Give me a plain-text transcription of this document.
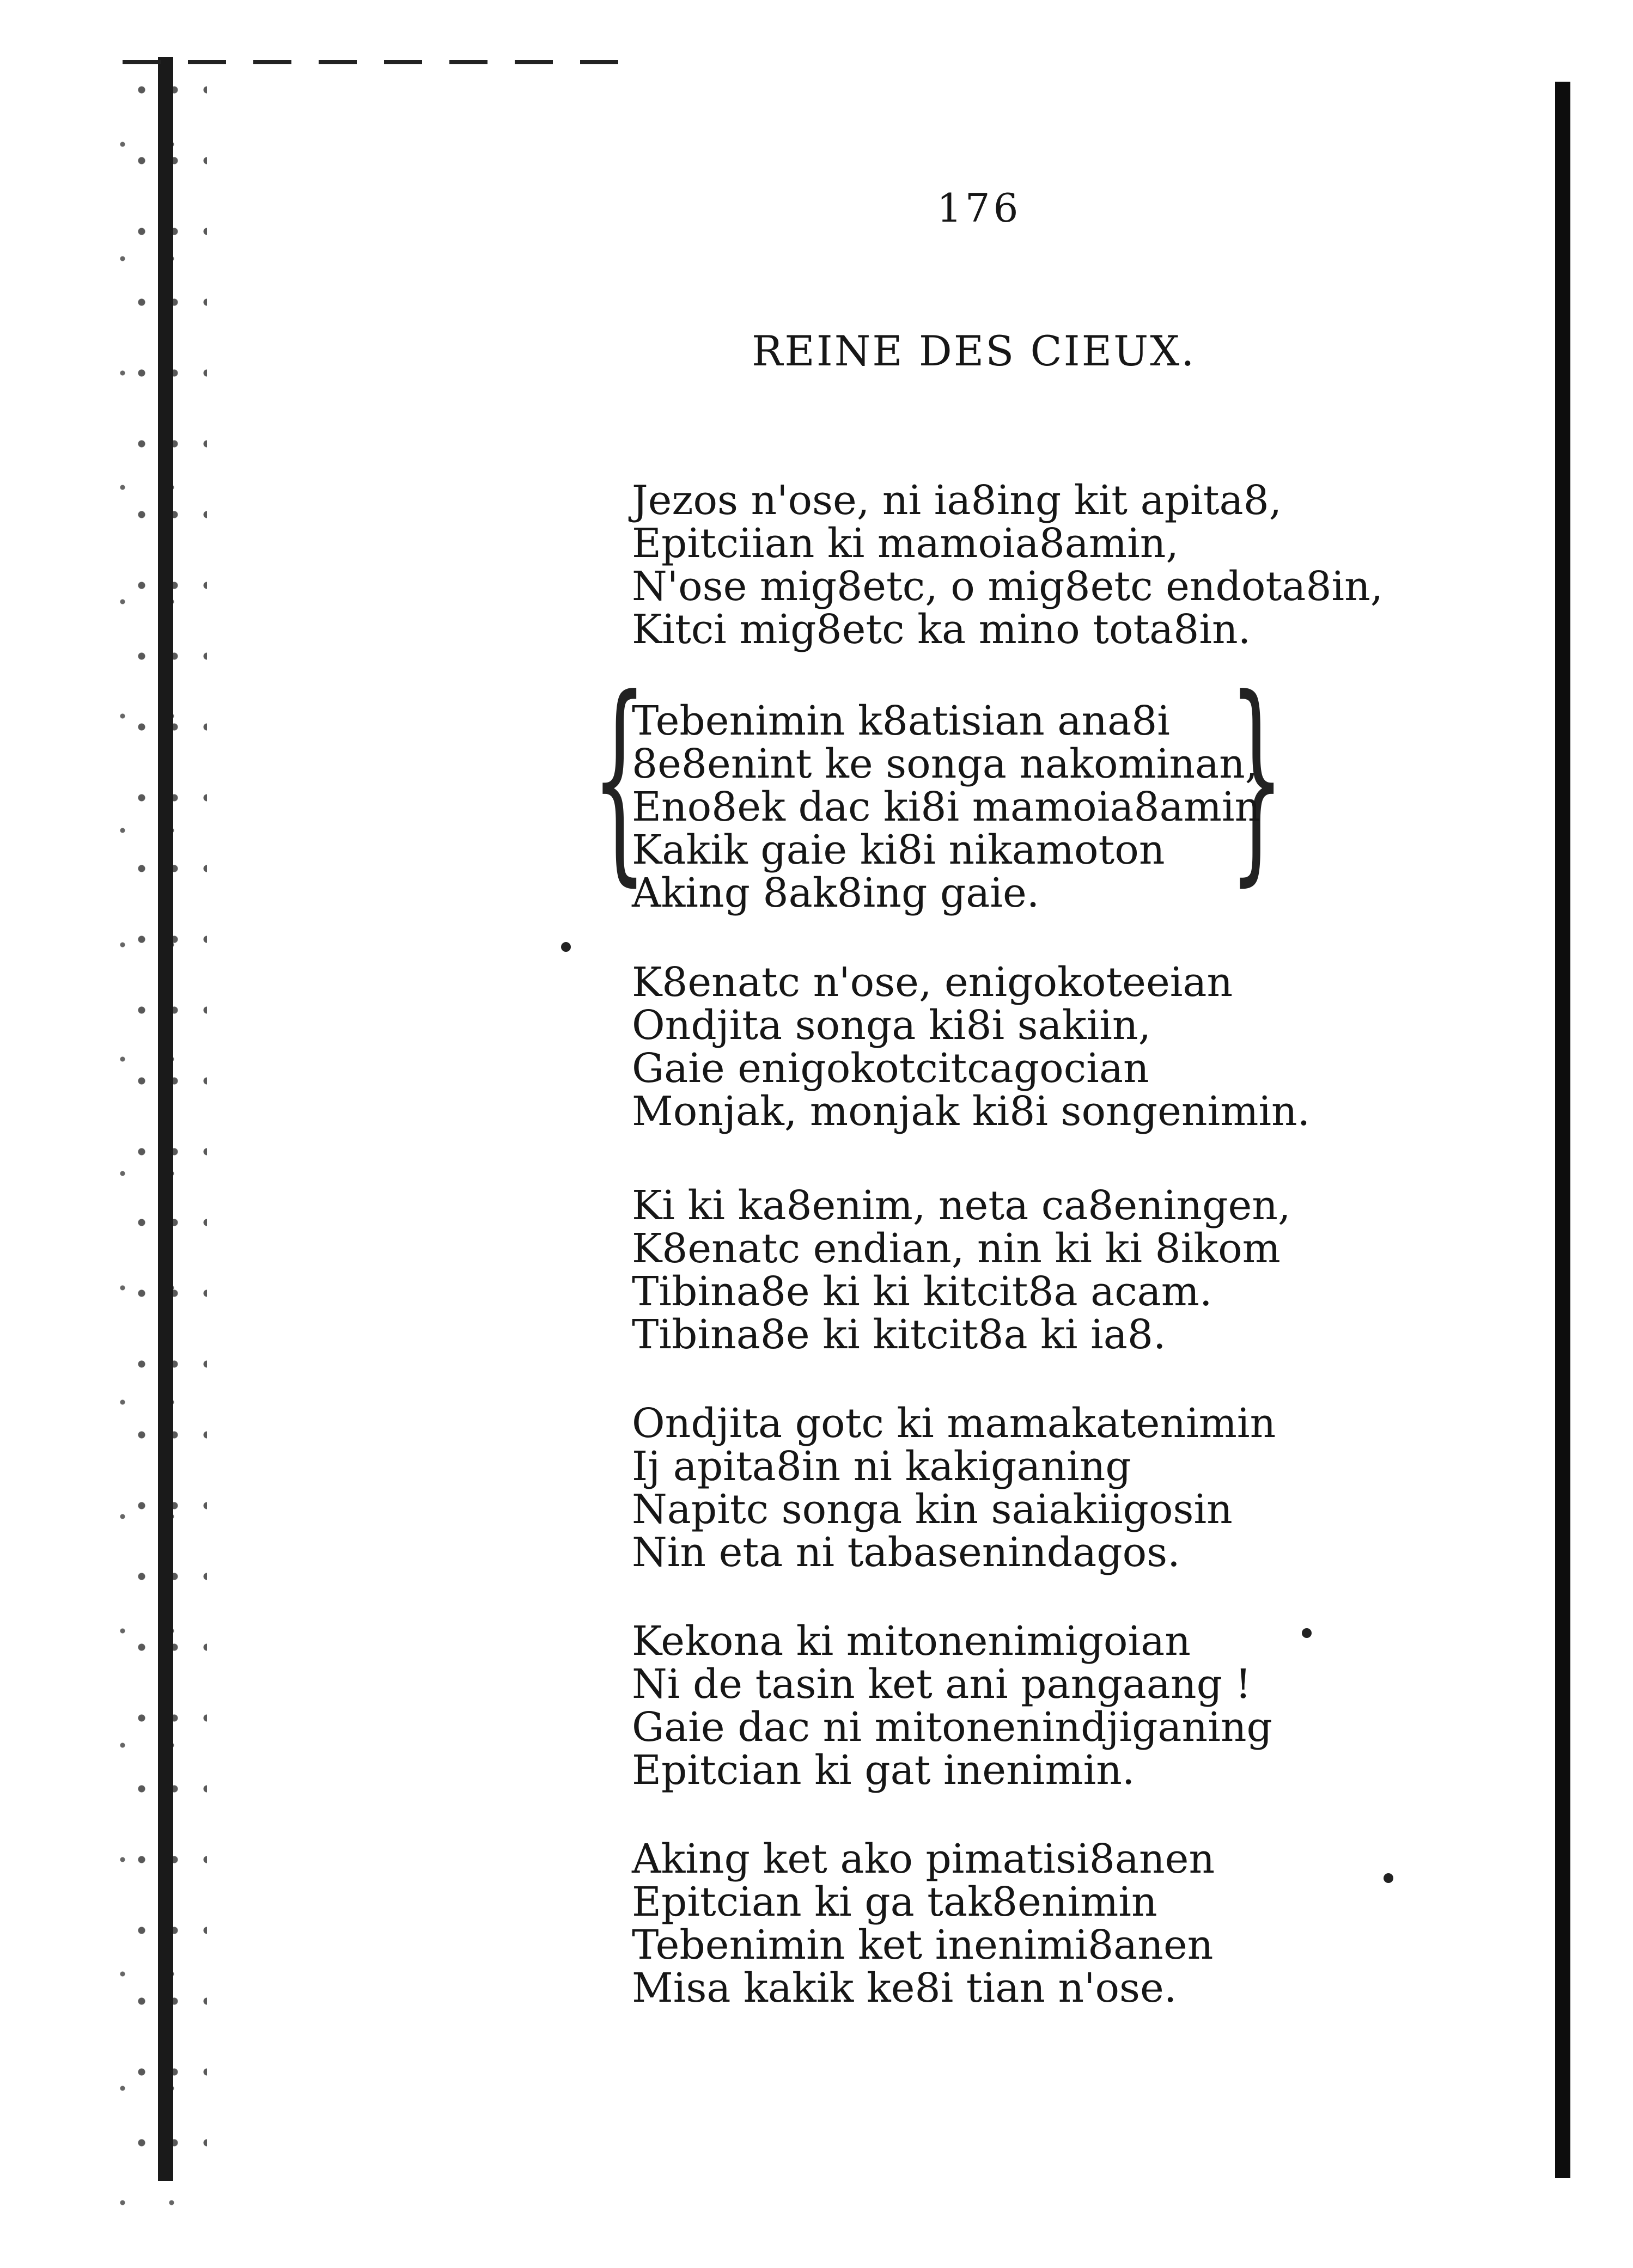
176
REINE DES CIEUX.
Jezos n'ose, ni ia8ing kit apita8,
Epitciian ki mamoia8amin,
N'ose mig8etc, o mig8etc endota8in,
Kitci mig8etc ka mino tota8in.
{	}
Tebenimin k8atisian ana8i
8e8enint ke songa nakominan,
Eno8ek dac ki8i mamoia8amin
Kakik gaie ki8i nikamoton
Aking 8ak8ing gaie.
K8enatc n'ose, enigokoteeian
Ondjita songa ki8i sakiin,
Gaie enigokotcitcagocian
Monjak, monjak ki8i songenimin.
Ki ki ka8enim, neta ca8eningen,
K8enatc endian, nin ki ki 8ikom
Tibina8e ki ki kitcit8a acam.
Tibina8e ki kitcit8a ki ia8.
Ondjita gotc ki mamakatenimin
Ij apita8in ni kakiganing
Napitc songa kin saiakiigosin
Nin eta ni tabasenindagos.
Kekona ki mitonenimigoian
Ni de tasin ket ani pangaang !
Gaie dac ni mitonenindjiganing
Epitcian ki gat inenimin.
Aking ket ako pimatisi8anen
Epitcian ki ga tak8enimin
Tebenimin ket inenimi8anen
Misa kakik ke8i tian n'ose.
